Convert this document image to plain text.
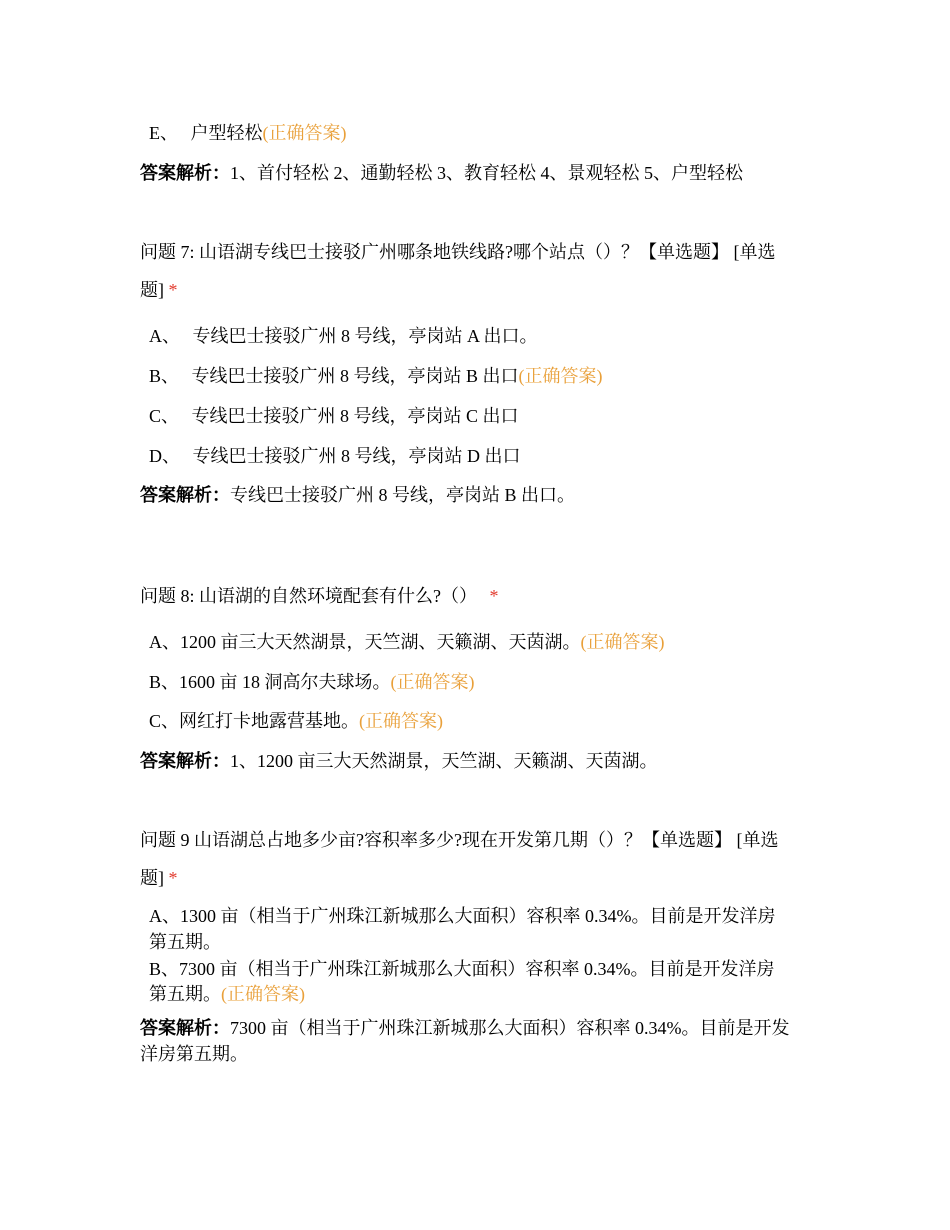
E、 户型轻松(正确答案)
答案解析：1、首付轻松 2、通勤轻松 3、教育轻松 4、景观轻松 5、户型轻松
问题 7: 山语湖专线巴士接驳广州哪条地铁线路?哪个站点（）？【单选题】 [单选
题] *
A、 专线巴士接驳广州 8 号线，亭岗站 A 出口。
B、 专线巴士接驳广州 8 号线，亭岗站 B 出口(正确答案)
C、 专线巴士接驳广州 8 号线，亭岗站 C 出口
D、 专线巴士接驳广州 8 号线，亭岗站 D 出口
答案解析：专线巴士接驳广州 8 号线，亭岗站 B 出口。
问题 8: 山语湖的自然环境配套有什么?（） *
A、1200 亩三大天然湖景，天竺湖、天籁湖、天茵湖。(正确答案)
B、1600 亩 18 洞高尔夫球场。(正确答案)
C、网红打卡地露营基地。(正确答案)
答案解析：1、1200 亩三大天然湖景，天竺湖、天籁湖、天茵湖。
问题 9 山语湖总占地多少亩?容积率多少?现在开发第几期（）？【单选题】 [单选
题] *
A、1300 亩（相当于广州珠江新城那么大面积）容积率 0.34%。目前是开发洋房
第五期。
B、7300 亩（相当于广州珠江新城那么大面积）容积率 0.34%。目前是开发洋房
第五期。(正确答案)
答案解析：7300 亩（相当于广州珠江新城那么大面积）容积率 0.34%。目前是开发
洋房第五期。
